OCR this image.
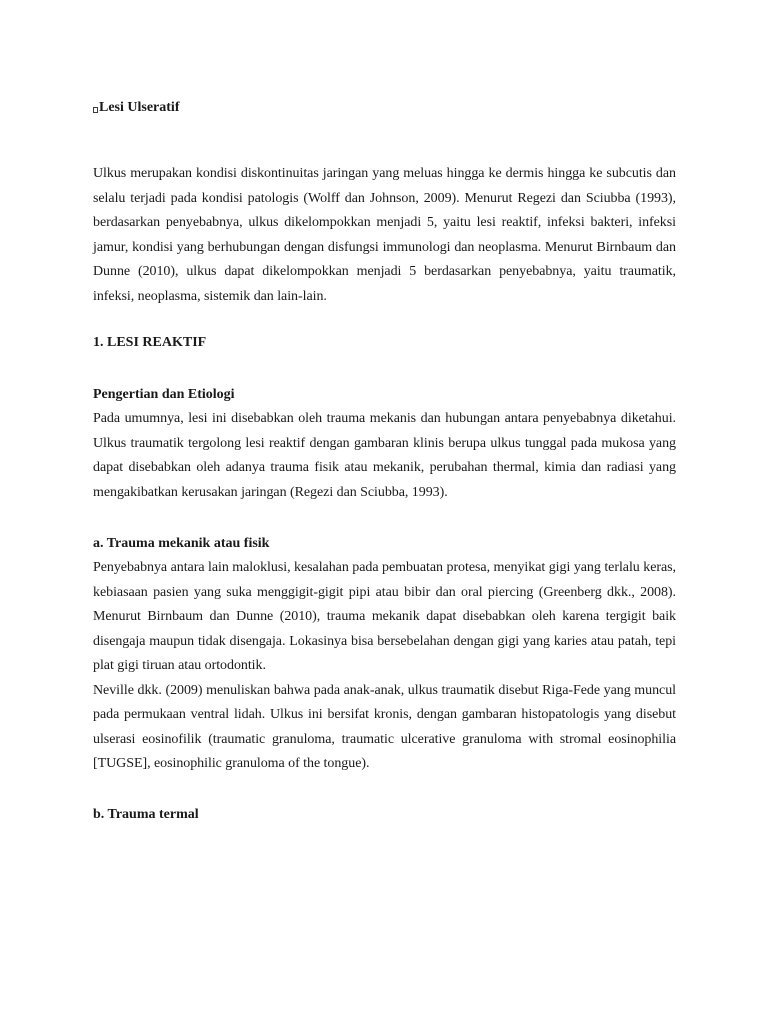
Lesi Ulseratif

Ulkus merupakan kondisi diskontinuitas jaringan yang meluas hingga ke dermis hingga ke subcutis dan selalu terjadi pada kondisi patologis (Wolff dan Johnson, 2009). Menurut Regezi dan Sciubba (1993), berdasarkan penyebabnya, ulkus dikelompokkan menjadi 5, yaitu lesi reaktif, infeksi bakteri, infeksi jamur, kondisi yang berhubungan dengan disfungsi immunologi dan neoplasma. Menurut Birnbaum dan Dunne (2010), ulkus dapat dikelompokkan menjadi 5 berdasarkan penyebabnya, yaitu traumatik, infeksi, neoplasma, sistemik dan lain-lain.

1. LESI REAKTIF
Pengertian dan Etiologi

Pada umumnya, lesi ini disebabkan oleh trauma mekanis dan hubungan antara penyebabnya diketahui. Ulkus traumatik tergolong lesi reaktif dengan gambaran klinis berupa ulkus tunggal pada mukosa yang dapat disebabkan oleh adanya trauma fisik atau mekanik, perubahan thermal, kimia dan radiasi yang mengakibatkan kerusakan jaringan (Regezi dan Sciubba, 1993).

a. Trauma mekanik atau fisik

Penyebabnya antara lain maloklusi, kesalahan pada pembuatan protesa, menyikat gigi yang terlalu keras, kebiasaan pasien yang suka menggigit-gigit pipi atau bibir dan oral piercing (Greenberg dkk., 2008). Menurut Birnbaum dan Dunne (2010), trauma mekanik dapat disebabkan oleh karena tergigit baik disengaja maupun tidak disengaja. Lokasinya bisa bersebelahan dengan gigi yang karies atau patah, tepi plat gigi tiruan atau ortodontik.

Neville dkk. (2009) menuliskan bahwa pada anak-anak, ulkus traumatik disebut Riga-Fede yang muncul pada permukaan ventral lidah. Ulkus ini bersifat kronis, dengan gambaran histopatologis yang disebut ulserasi eosinofilik (traumatic granuloma, traumatic ulcerative granuloma with stromal eosinophilia [TUGSE], eosinophilic granuloma of the tongue).

b. Trauma termal
